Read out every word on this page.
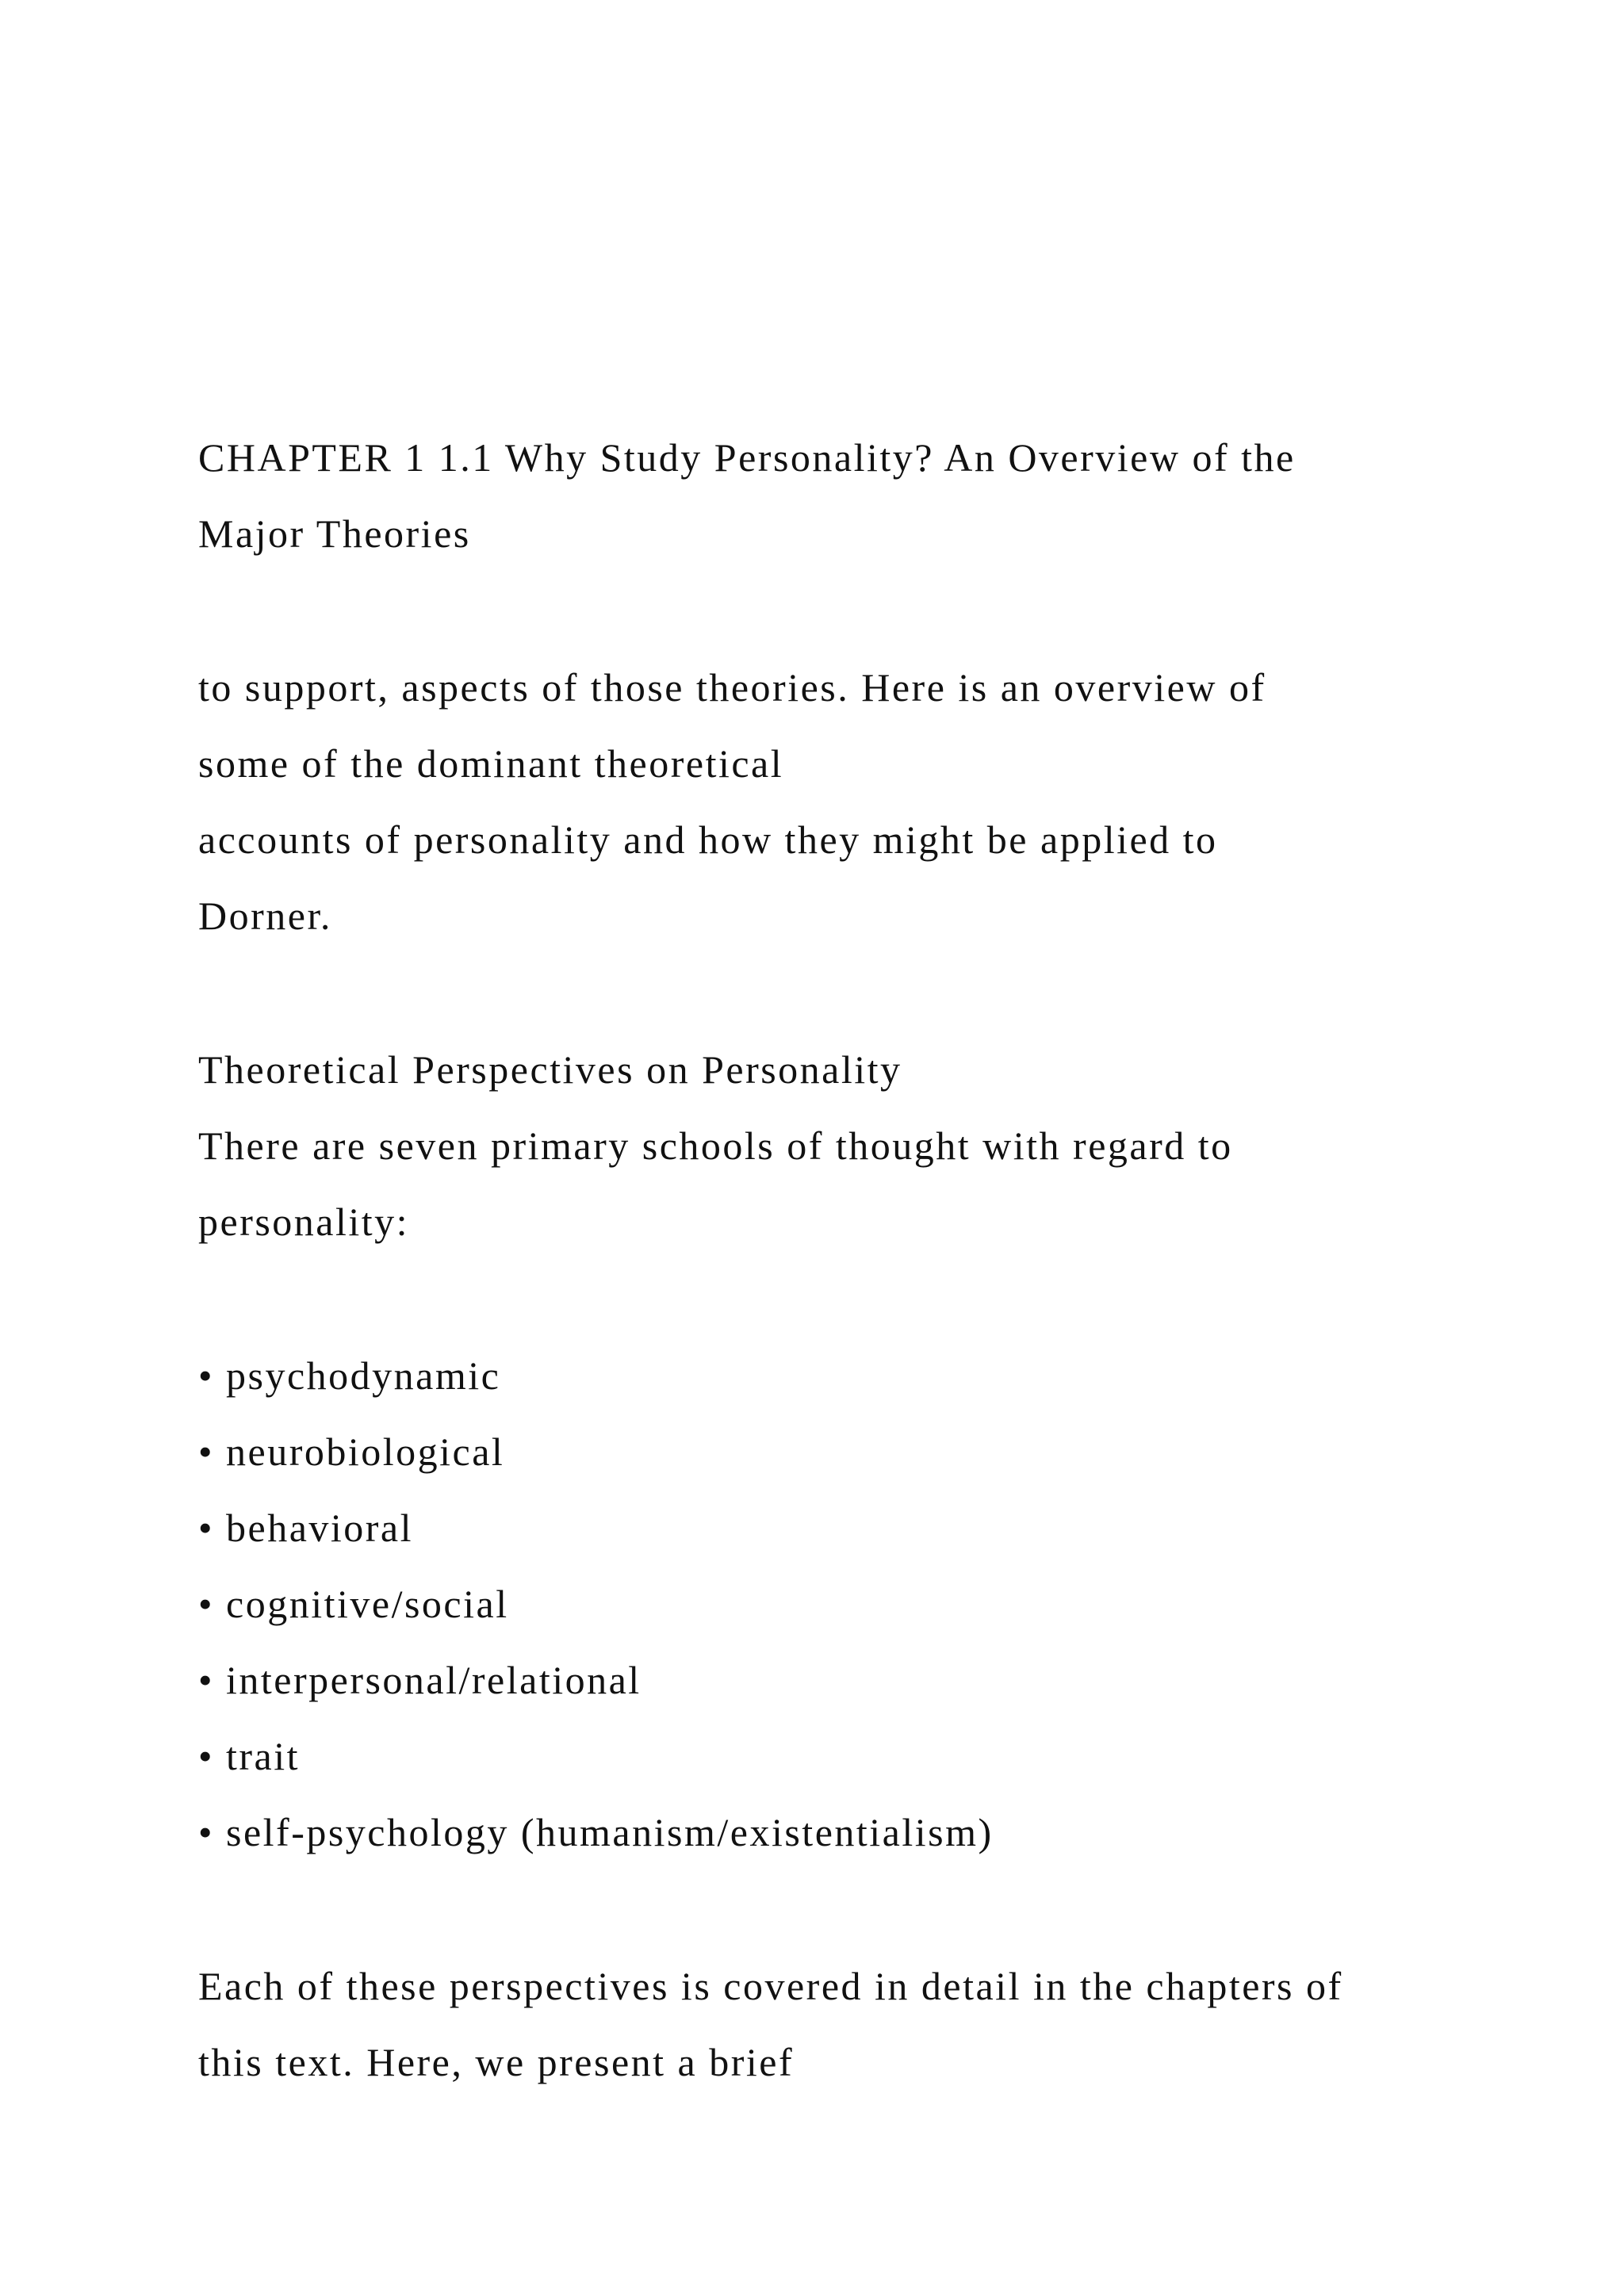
CHAPTER 1 1.1 Why Study Personality? An Overview of the
Major Theories
to support, aspects of those theories. Here is an overview of
some of the dominant theoretical
accounts of personality and how they might be applied to
Dorner.
Theoretical Perspectives on Personality
There are seven primary schools of thought with regard to
personality:
• psychodynamic
• neurobiological
• behavioral
• cognitive/social
• interpersonal/relational
• trait
• self-psychology (humanism/existentialism)
Each of these perspectives is covered in detail in the chapters of
this text. Here, we present a brief
